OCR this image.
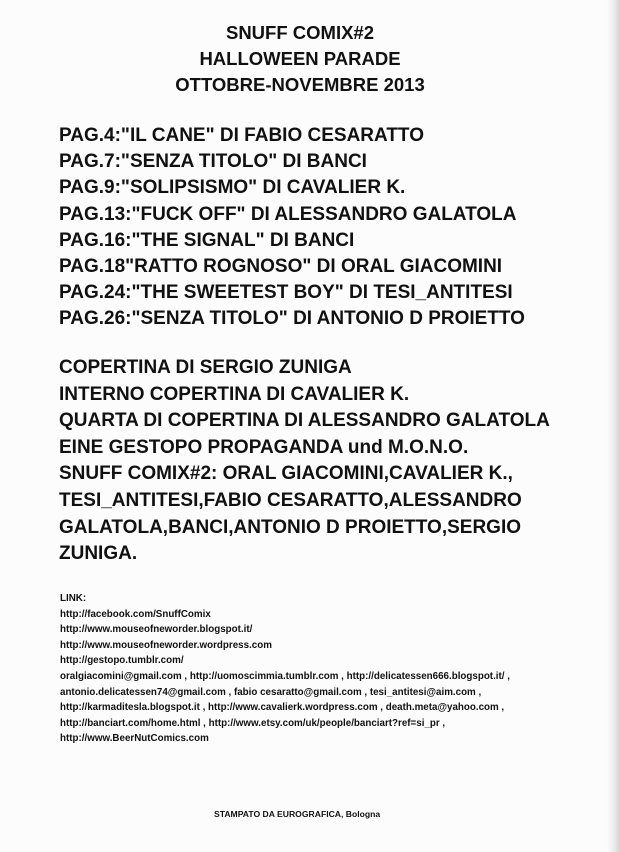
SNUFF COMIX#2
HALLOWEEN PARADE
OTTOBRE-NOVEMBRE 2013
PAG.4:"IL CANE" DI FABIO CESARATTO
PAG.7:"SENZA TITOLO" DI BANCI
PAG.9:"SOLIPSISMO" DI CAVALIER K.
PAG.13:"FUCK OFF" DI ALESSANDRO GALATOLA
PAG.16:"THE SIGNAL" DI BANCI
PAG.18"RATTO ROGNOSO" DI ORAL GIACOMINI
PAG.24:"THE SWEETEST BOY" DI TESI_ANTITESI
PAG.26:"SENZA TITOLO" DI ANTONIO D PROIETTO
COPERTINA DI SERGIO ZUNIGA
INTERNO COPERTINA DI CAVALIER K.
QUARTA DI COPERTINA DI ALESSANDRO GALATOLA
EINE GESTOPO PROPAGANDA und M.O.N.O.
SNUFF COMIX#2: ORAL GIACOMINI,CAVALIER K.,
TESI_ANTITESI,FABIO CESARATTO,ALESSANDRO
GALATOLA,BANCI,ANTONIO D PROIETTO,SERGIO
ZUNIGA.
LINK:
http://facebook.com/SnuffComix
http://www.mouseofneworder.blogspot.it/
http://www.mouseofneworder.wordpress.com
http://gestopo.tumblr.com/
oralgiacomini@gmail.com , http://uomoscimmia.tumblr.com , http://delicatessen666.blogspot.it/ ,
antonio.delicatessen74@gmail.com , fabio cesaratto@gmail.com , tesi_antitesi@aim.com ,
http://karmaditesla.blogspot.it , http://www.cavalierk.wordpress.com , death.meta@yahoo.com ,
http://banciart.com/home.html , http://www.etsy.com/uk/people/banciart?ref=si_pr ,
http://www.BeerNutComics.com
STAMPATO DA EUROGRAFICA, Bologna
